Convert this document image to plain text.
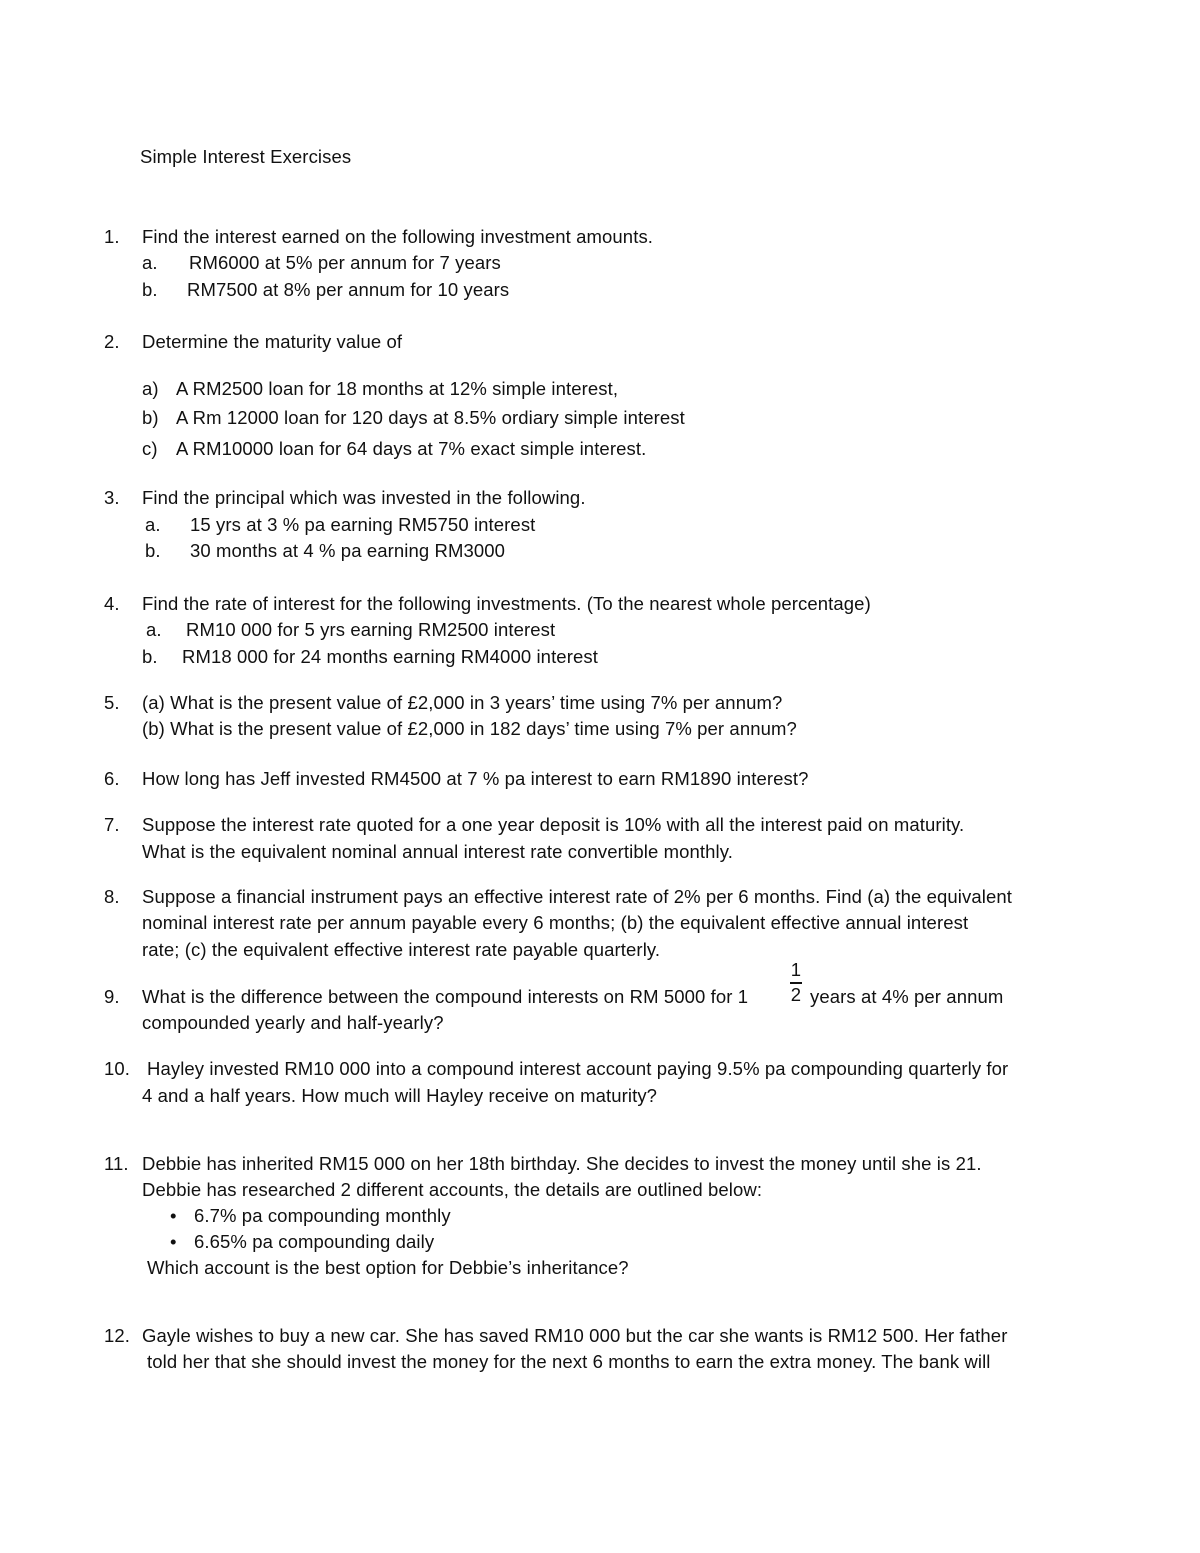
Simple Interest Exercises
1. Find the interest earned on the following investment amounts.
a. RM6000 at 5% per annum for 7 years
b. RM7500 at 8% per annum for 10 years
2. Determine the maturity value of
a) A RM2500 loan for 18 months at 12% simple interest,
b) A Rm 12000 loan for 120 days at 8.5% ordiary simple interest
c) A RM10000 loan for 64 days at 7% exact simple interest.
3. Find the principal which was invested in the following.
a. 15 yrs at 3 % pa earning RM5750 interest
b. 30 months at 4 % pa earning RM3000
4. Find the rate of interest for the following investments. (To the nearest whole percentage)
a. RM10 000 for 5 yrs earning RM2500 interest
b. RM18 000 for 24 months earning RM4000 interest
5. (a) What is the present value of £2,000 in 3 years’ time using 7% per annum?
(b) What is the present value of £2,000 in 182 days’ time using 7% per annum?
6. How long has Jeff invested RM4500 at 7 % pa interest to earn RM1890 interest?
7. Suppose the interest rate quoted for a one year deposit is 10% with all the interest paid on maturity.
What is the equivalent nominal annual interest rate convertible monthly.
8. Suppose a financial instrument pays an effective interest rate of 2% per 6 months. Find (a) the equivalent
nominal interest rate per annum payable every 6 months; (b) the equivalent effective annual interest
rate; (c) the equivalent effective interest rate payable quarterly.
9. What is the difference between the compound interests on RM 5000 for 1
1
2 years at 4% per annum
compounded yearly and half-yearly?
10. Hayley invested RM10 000 into a compound interest account paying 9.5% pa compounding quarterly for
4 and a half years. How much will Hayley receive on maturity?
11. Debbie has inherited RM15 000 on her 18th birthday. She decides to invest the money until she is 21.
Debbie has researched 2 different accounts, the details are outlined below:
• 6.7% pa compounding monthly
• 6.65% pa compounding daily
Which account is the best option for Debbie’s inheritance?
12. Gayle wishes to buy a new car. She has saved RM10 000 but the car she wants is RM12 500. Her father
told her that she should invest the money for the next 6 months to earn the extra money. The bank will
